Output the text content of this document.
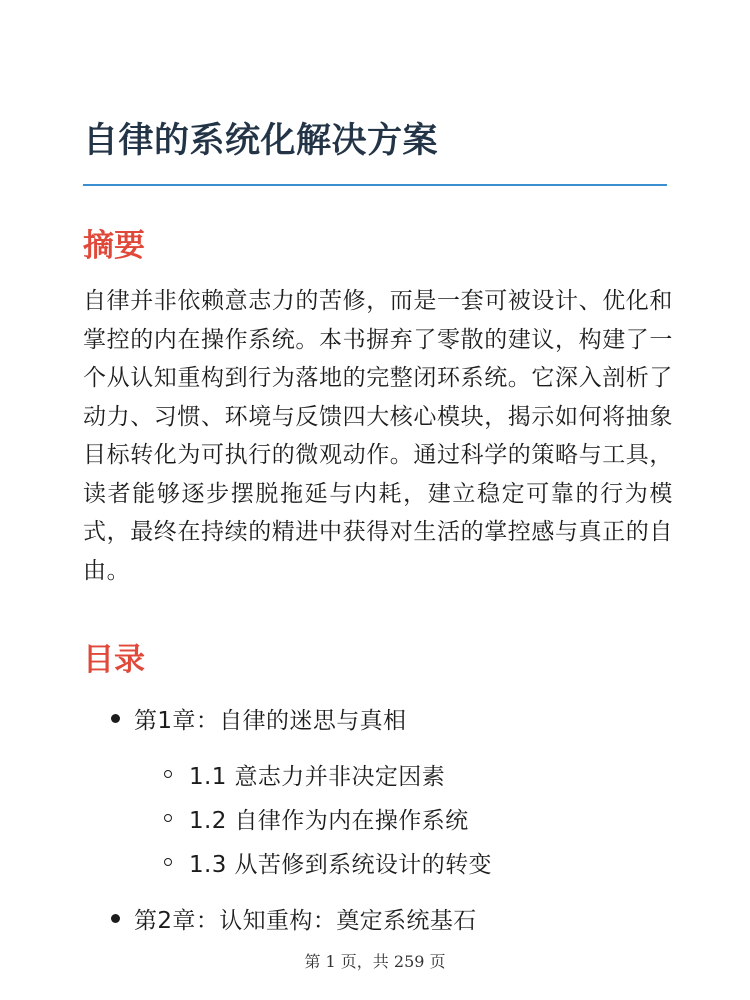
自律的系统化解决方案
摘要

自律并非依赖意志力的苦修，而是一套可被设计、优化和掌控的内在操作系统。本书摒弃了零散的建议，构建了一个从认知重构到行为落地的完整闭环系统。它深入剖析了动力、习惯、环境与反馈四大核心模块，揭示如何将抽象目标转化为可执行的微观动作。通过科学的策略与工具，读者能够逐步摆脱拖延与内耗，建立稳定可靠的行为模式，最终在持续的精进中获得对生活的掌控感与真正的自由。

目录
第1章：自律的迷思与真相
1.1 意志力并非决定因素
1.2 自律作为内在操作系统
1.3 从苦修到系统设计的转变
第2章：认知重构：奠定系统基石
第 1 页，共 259 页
